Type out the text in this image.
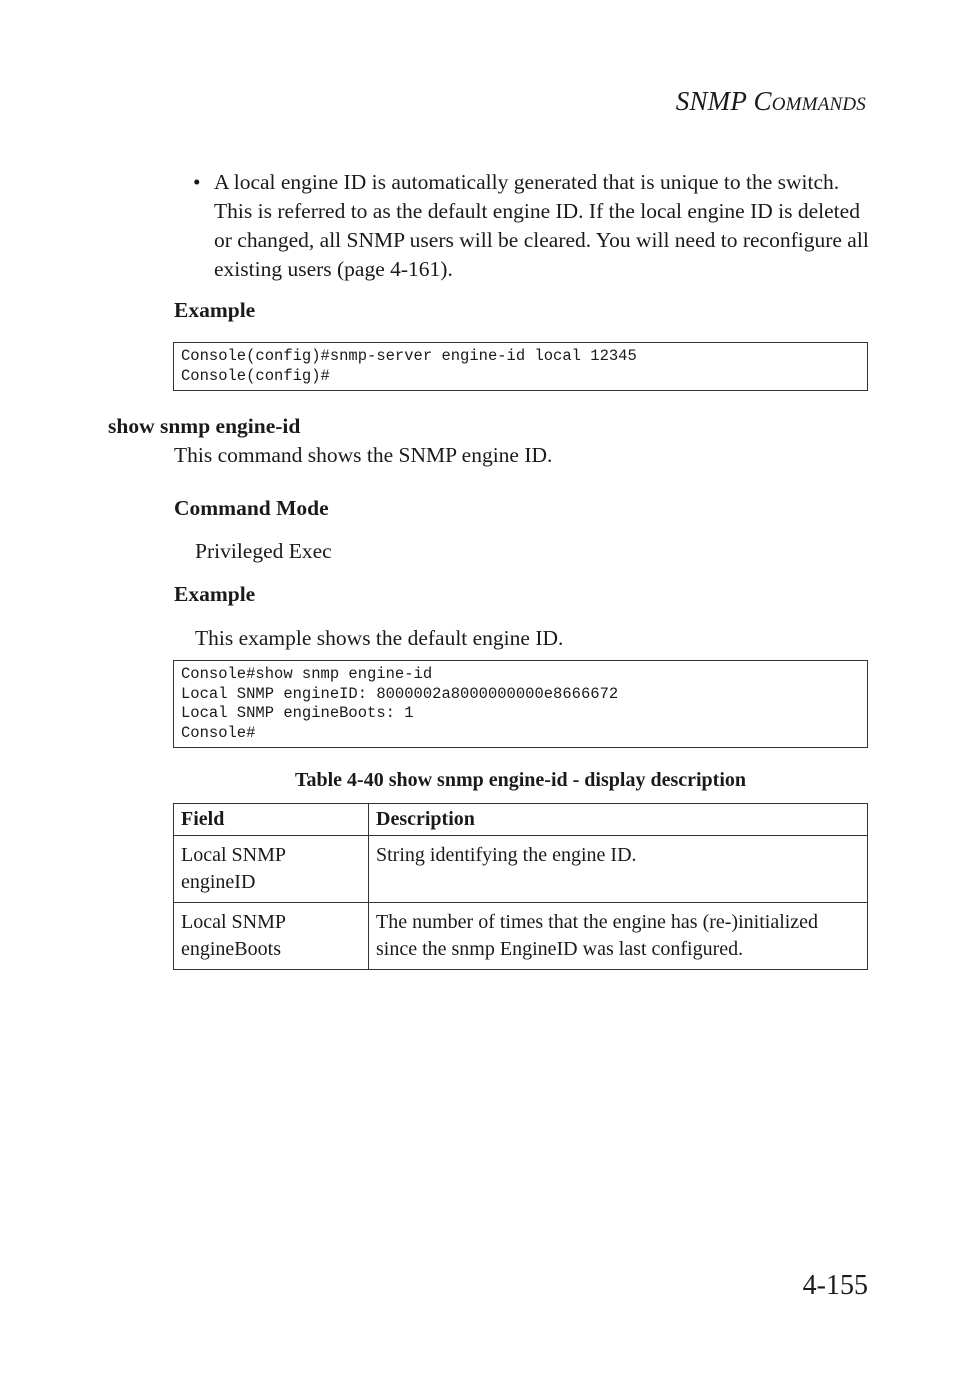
SNMP COMMANDS
• A local engine ID is automatically generated that is unique to the switch. This is referred to as the default engine ID. If the local engine ID is deleted or changed, all SNMP users will be cleared. You will need to reconfigure all existing users (page 4-161).
Example
Console(config)#snmp-server engine-id local 12345
Console(config)#
show snmp engine-id
This command shows the SNMP engine ID.
Command Mode
Privileged Exec
Example
This example shows the default engine ID.
Console#show snmp engine-id
Local SNMP engineID: 8000002a8000000000e8666672
Local SNMP engineBoots: 1
Console#
Table 4-40 show snmp engine-id - display description
Field	Description
Local SNMP engineID	String identifying the engine ID.
Local SNMP engineBoots	The number of times that the engine has (re-)initialized since the snmp EngineID was last configured.
4-155
